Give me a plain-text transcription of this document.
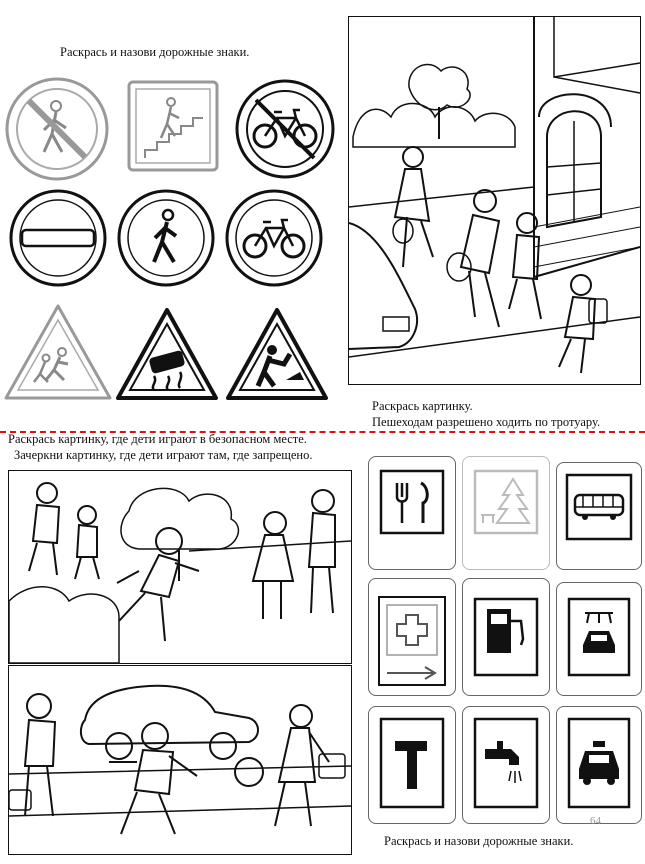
Раскрась и назови дорожные знаки.
Раскрась картинку.
Пешеходам разрешено ходить по тротуару.
Раскрась картинку, где дети играют в безопасном месте.
Зачеркни картинку, где дети играют там, где запрещено.
64
Раскрась и назови дорожные знаки.
